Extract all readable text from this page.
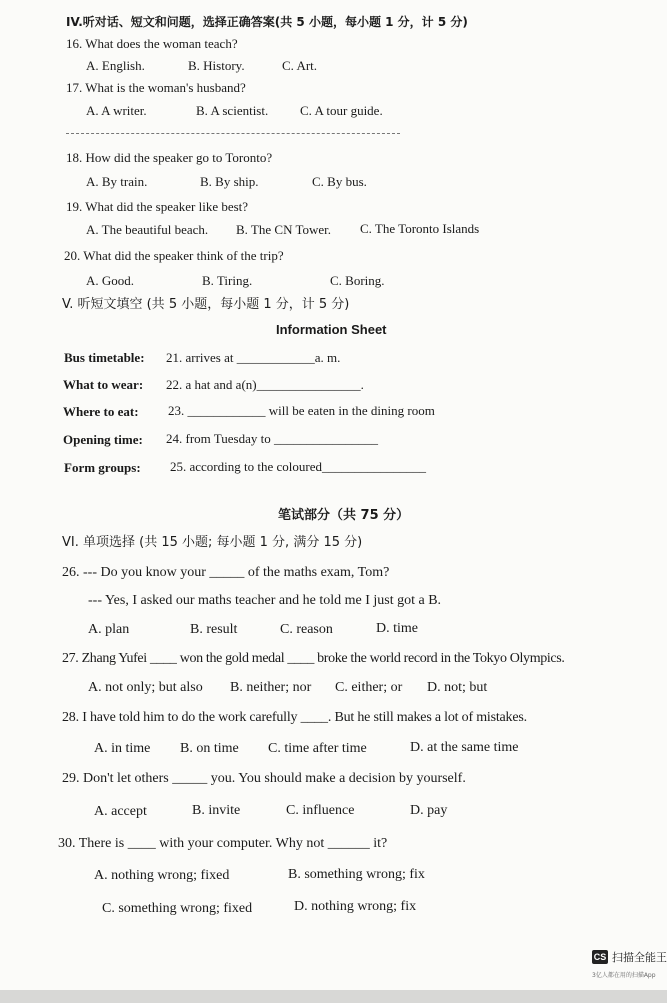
IV.听对话、短文和问题，选择正确答案(共 5 小题，每小题 1 分，计 5 分)
16. What does the woman teach?
A. English.	B. History.	C. Art.
17. What is the woman's husband?
A. A writer.	B. A scientist. C. A tour guide.
18. How did the speaker go to Toronto?
A. By train.	B. By ship.	C. By bus.
19. What did the speaker like best?
A. The beautiful beach. B. The CN Tower. C. The Toronto Islands
20. What did the speaker think of the trip?
A. Good.	B. Tiring.	C. Boring.
V. 听短文填空 (共 5 小题，每小题 1 分，计 5 分)
Information Sheet
Bus timetable: 21. arrives at ____________a. m.
What to wear: 22. a hat and a(n)________________.
Where to eat: 23. ____________ will be eaten in the dining room
Opening time: 24. from Tuesday to ________________
Form groups: 25. according to the coloured________________
笔试部分（共 75 分）
VI. 单项选择 (共 15 小题; 每小题 1 分, 满分 15 分)
26. --- Do you know your _____ of the maths exam, Tom?
--- Yes, I asked our maths teacher and he told me I just got a B.
A. plan	B. result	C. reason	D. time
27. Zhang Yufei ____ won the gold medal ____ broke the world record in the Tokyo Olympics.
A. not only; but also B. neither; nor C. either; or D. not; but
28. I have told him to do the work carefully ____. But he still makes a lot of mistakes.
A. in time B. on time C. time after time	D. at the same time
29. Don't let others _____ you. You should make a decision by yourself.
A. accept	B. invite	C. influence	D. pay
30. There is ____ with your computer. Why not ______ it?
A. nothing wrong; fixed	B. something wrong; fix
C. something wrong; fixed	D. nothing wrong; fix
CS 扫描全能王
3亿人都在用的扫描App
